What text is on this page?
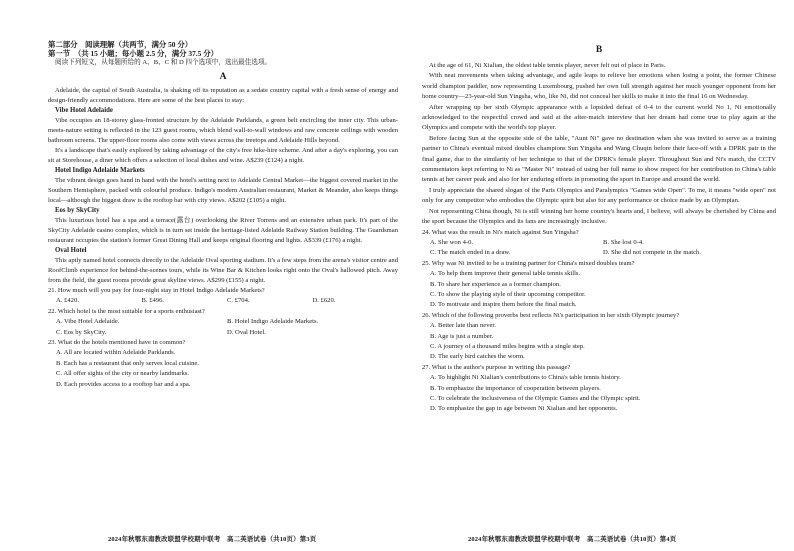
第二部分　阅读理解（共两节，满分 50 分）
第一节　（共 15 小题；每小题 2.5 分，满分 37.5 分）
阅读下列短文，从每题所给的 A、B、C 和 D 四个选项中，选出最佳选项。
A

Adelaide, the capital of South Australia, is shaking off its reputation as a sedate country capital with a fresh sense of energy and design-friendly accommodations. Here are some of the best places to stay:

Vibe Hotel Adelaide

Vibe occupies an 18-storey glass-fronted structure by the Adelaide Parklands, a green belt encircling the inner city. This urban-meets-nature setting is reflected in the 123 guest rooms, which blend wall-to-wall windows and raw concrete ceilings with wooden bathroom screens. The upper-floor rooms also come with views across the treetops and Adelaide Hills beyond.

It's a landscape that's easily explored by taking advantage of the city's free hike-hire scheme. And after a day's exploring, you can sit at Storehouse, a diner which offers a selection of local dishes and wine. A$239 (£124) a night.

Hotel Indigo Adelaide Markets

The vibrant design goes hand in hand with the hotel's setting next to Adelaide Central Market—the biggest covered market in the Southern Hemisphere, packed with colourful produce. Indigo's modern Australian restaurant, Market & Meander, also keeps things local—although the biggest draw is the rooftop bar with city views. A$202 (£105) a night.

Eos by SkyCity

This luxurious hotel has a spa and a terrace(露台) overlooking the River Torrens and an extensive urban park. It's part of the SkyCity Adelaide casino complex, which is in turn set inside the heritage-listed Adelaide Railway Station building. The Guardsman restaurant occupies the station's former Great Dining Hall and keeps original flooring and lights. A$339 (£176) a night.

Oval Hotel

This aptly named hotel connects directly to the Adelaide Oval sporting stadium. It's a few steps from the arena's visitor centre and RoofClimb experience for behind-the-scenes tours, while its Wine Bar & Kitchen looks right onto the Oval's hallowed pitch. Away from the field, the guest rooms provide great skyline views. A$299 (£155) a night.

21. How much will you pay for four-night stay in Hotel Indigo Adelaide Markets?
A. £420.	B. £496.	C. £704.	D. £620.
22. Which hotel is the most suitable for a sports enthusiast?
A. Vibe Hotel Adelaide.	B. Hotel Indigo Adelaide Markets.
C. Eos by SkyCity.	D. Oval Hotel.
23. What do the hotels mentioned have in common?
A. All are located within Adelaide Parklands.
B. Each has a restaurant that only serves local cuisine.
C. All offer sights of the city or nearby landmarks.
D. Each provides access to a rooftop bar and a spa.
B

At the age of 61, Ni Xialian, the oldest table tennis player, never felt out of place in Paris.

With neat movements when taking advantage, and agile leaps to relieve her emotions when losing a point, the former Chinese world champion paddler, now representing Luxembourg, pushed her own full strength against her much younger opponent from her home country—23-year-old Sun Yingsha, who, like Ni, did not conceal her skills to make it into the final 16 on Wednesday.

After wrapping up her sixth Olympic appearance with a lopsided defeat of 0-4 to the current world No 1, Ni emotionally acknowledged to the respectful crowd and said at the after-match interview that her dream had come true to play again at the Olympics and compete with the world's top player.

Before facing Sun at the opposite side of the table, "Aunt Ni" gave no destination when she was invited to serve as a training partner to China's eventual mixed doubles champions Sun Yingsha and Wang Chuqin before their face-off with a DPRK pair in the final game, due to the similarity of her technique to that of the DPRK's female player. Throughout Sun and Ni's match, the CCTV commentators kept referring to Ni as "Master Ni" instead of using her full name to show respect for her contribution to China's table tennis at her career peak and also for her enduring efforts in promoting the sport in Europe and around the world.

I truly appreciate the shared slogan of the Paris Olympics and Paralympics "Games wide Open". To me, it means "wide open" not only for any competitor who embodies the Olympic spirit but also for any performance or choice made by an Olympian.

Not representing China though, Ni is still winning her home country's hearts and, I believe, will always be cherished by China and the sport because the Olympics and its fans are increasingly inclusive.

24. What was the result in Ni's match against Sun Yingsha?
A. She won 4-0.	B. She lost 0-4.
C. The match ended in a draw.	D. She did not compete in the match.
25. Why was Ni invited to be a training partner for China's mixed doubles team?
A. To help them improve their general table tennis skills.
B. To share her experience as a former champion.
C. To show the playing style of their upcoming competitor.
D. To motivate and inspire them before the final match.
26. Which of the following proverbs best reflects Ni's participation in her sixth Olympic journey?
A. Better late than never.
B. Age is just a number.
C. A journey of a thousand miles begins with a single step.
D. The early bird catches the worm.
27. What is the author's purpose in writing this passage?
A. To highlight Ni Xialian's contributions to China's table tennis history.
B. To emphasize the importance of cooperation between players.
C. To celebrate the inclusiveness of the Olympic Games and the Olympic spirit.
D. To emphasize the gap in age between Ni Xialian and her opponents.
2024年秋鄂东南教改联盟学校期中联考　高二英语试卷（共10页）第3页	2024年秋鄂东南教改联盟学校期中联考　高二英语试卷（共10页）第4页
